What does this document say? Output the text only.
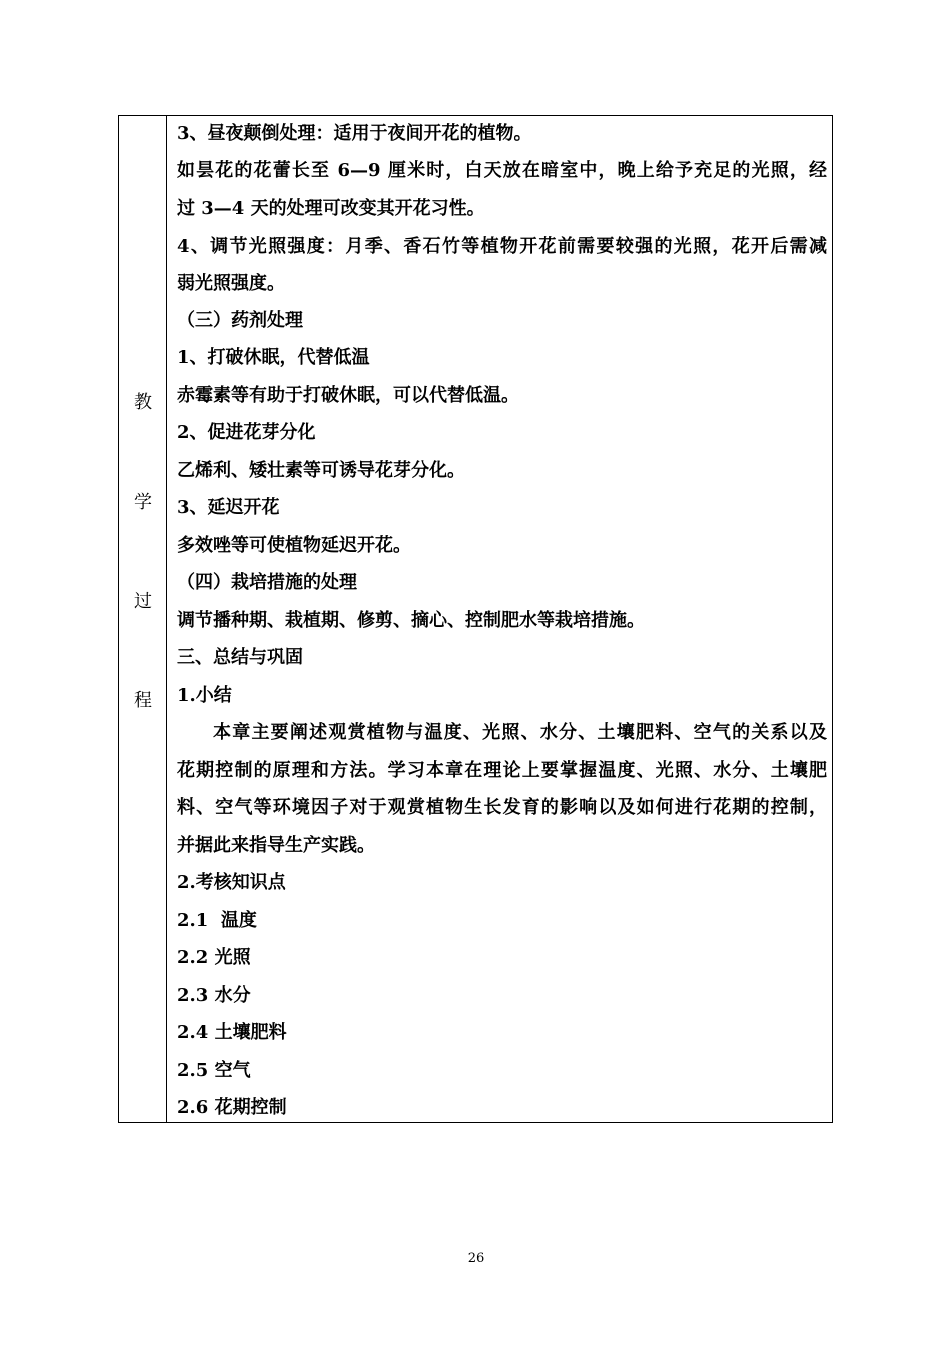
教
学
过
程
3、昼夜颠倒处理：适用于夜间开花的植物。
如昙花的花蕾长至 6—9 厘米时，白天放在暗室中，晚上给予充足的光照，经
过 3—4 天的处理可改变其开花习性。
4、调节光照强度：月季、香石竹等植物开花前需要较强的光照，花开后需减
弱光照强度。
（三）药剂处理
1、打破休眠，代替低温
赤霉素等有助于打破休眠，可以代替低温。
2、促进花芽分化
乙烯利、矮壮素等可诱导花芽分化。
3、延迟开花
多效唑等可使植物延迟开花。
（四）栽培措施的处理
调节播种期、栽植期、修剪、摘心、控制肥水等栽培措施。
三、总结与巩固
1.小结
本章主要阐述观赏植物与温度、光照、水分、土壤肥料、空气的关系以及
花期控制的原理和方法。学习本章在理论上要掌握温度、光照、水分、土壤肥
料、空气等环境因子对于观赏植物生长发育的影响以及如何进行花期的控制，
并据此来指导生产实践。
2.考核知识点
2.1  温度
2.2 光照
2.3 水分
2.4 土壤肥料
2.5 空气
2.6 花期控制
26
